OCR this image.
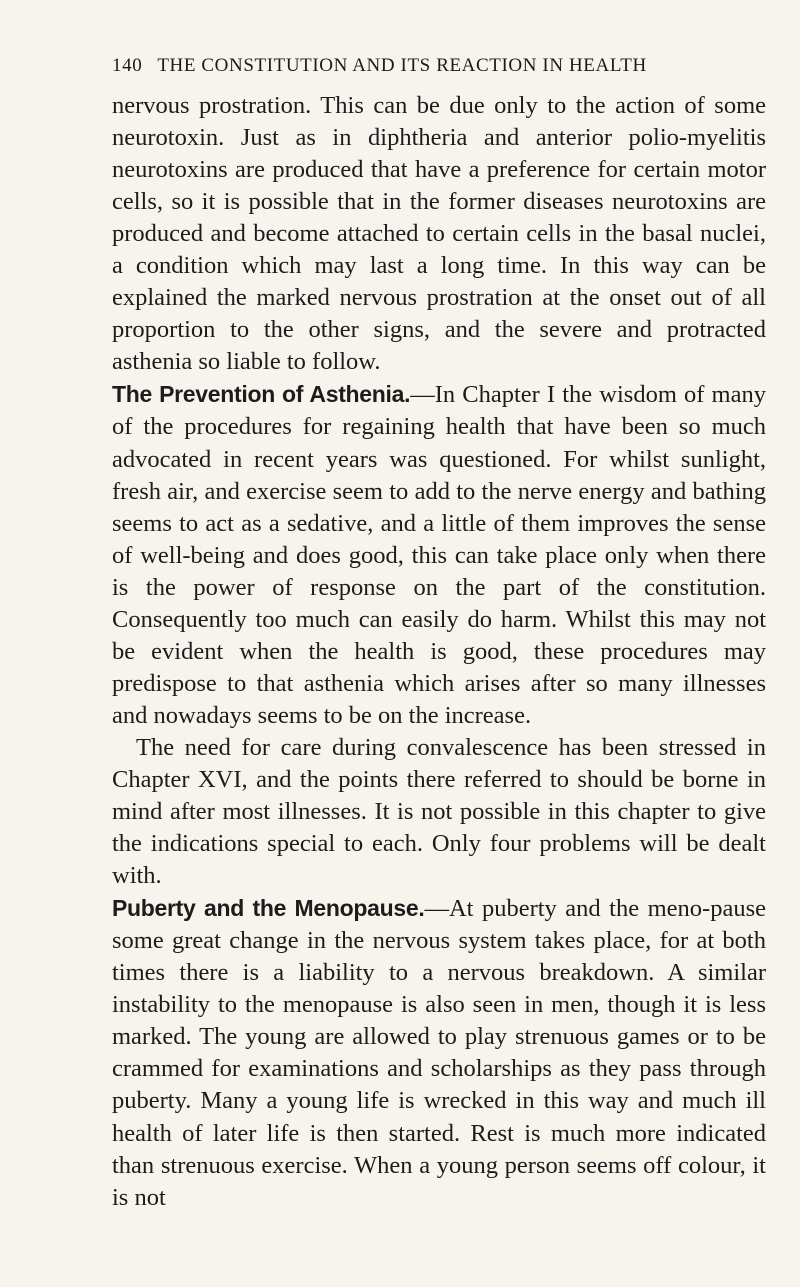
140 THE CONSTITUTION AND ITS REACTION IN HEALTH

nervous prostration. This can be due only to the action of some neurotoxin. Just as in diphtheria and anterior polio-myelitis neurotoxins are produced that have a preference for certain motor cells, so it is possible that in the former diseases neurotoxins are produced and become attached to certain cells in the basal nuclei, a condition which may last a long time. In this way can be explained the marked nervous prostration at the onset out of all proportion to the other signs, and the severe and protracted asthenia so liable to follow.

The Prevention of Asthenia.—In Chapter I the wisdom of many of the procedures for regaining health that have been so much advocated in recent years was questioned. For whilst sunlight, fresh air, and exercise seem to add to the nerve energy and bathing seems to act as a sedative, and a little of them improves the sense of well-being and does good, this can take place only when there is the power of response on the part of the constitution. Consequently too much can easily do harm. Whilst this may not be evident when the health is good, these procedures may predispose to that asthenia which arises after so many illnesses and nowadays seems to be on the increase.

The need for care during convalescence has been stressed in Chapter XVI, and the points there referred to should be borne in mind after most illnesses. It is not possible in this chapter to give the indications special to each. Only four problems will be dealt with.

Puberty and the Menopause.—At puberty and the meno-pause some great change in the nervous system takes place, for at both times there is a liability to a nervous breakdown. A similar instability to the menopause is also seen in men, though it is less marked. The young are allowed to play strenuous games or to be crammed for examinations and scholarships as they pass through puberty. Many a young life is wrecked in this way and much ill health of later life is then started. Rest is much more indicated than strenuous exercise. When a young person seems off colour, it is not
